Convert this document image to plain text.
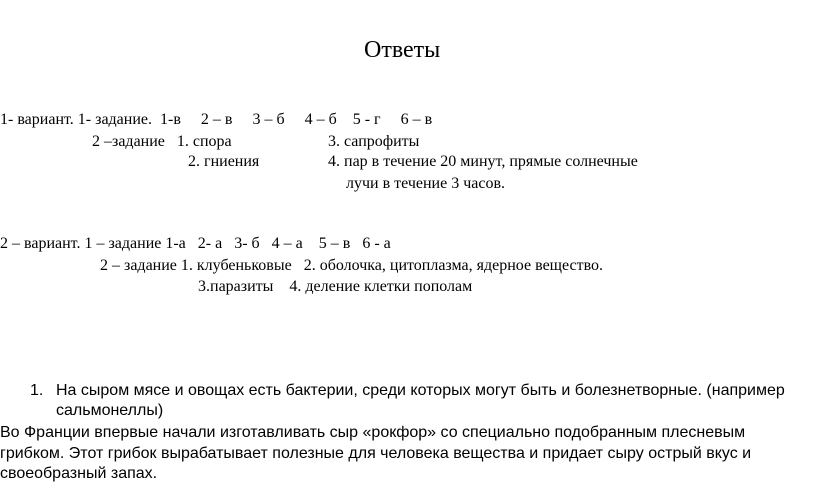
Ответы
1- вариант. 1- задание.  1-в     2 – в     3 – б     4 – б    5 - г     6 – в
2 –задание   1. спора	3. сапрофиты
2. гниения	4. пар в течение 20 минут, прямые солнечные
лучи в течение 3 часов.
2 – вариант. 1 – задание 1-а   2- а   3- б   4 – а    5 – в   6 - а
2 – задание 1. клубеньковые   2. оболочка, цитоплазма, ядерное вещество.
3.паразиты    4. деление клетки пополам
1. На сыром мясе и овощах есть бактерии, среди которых могут быть и болезнетворные. (например
сальмонеллы)
Во Франции впервые начали изготавливать сыр «рокфор» со специально подобранным плесневым
грибком. Этот грибок вырабатывает полезные для человека вещества и придает сыру острый вкус и
своеобразный запах.
